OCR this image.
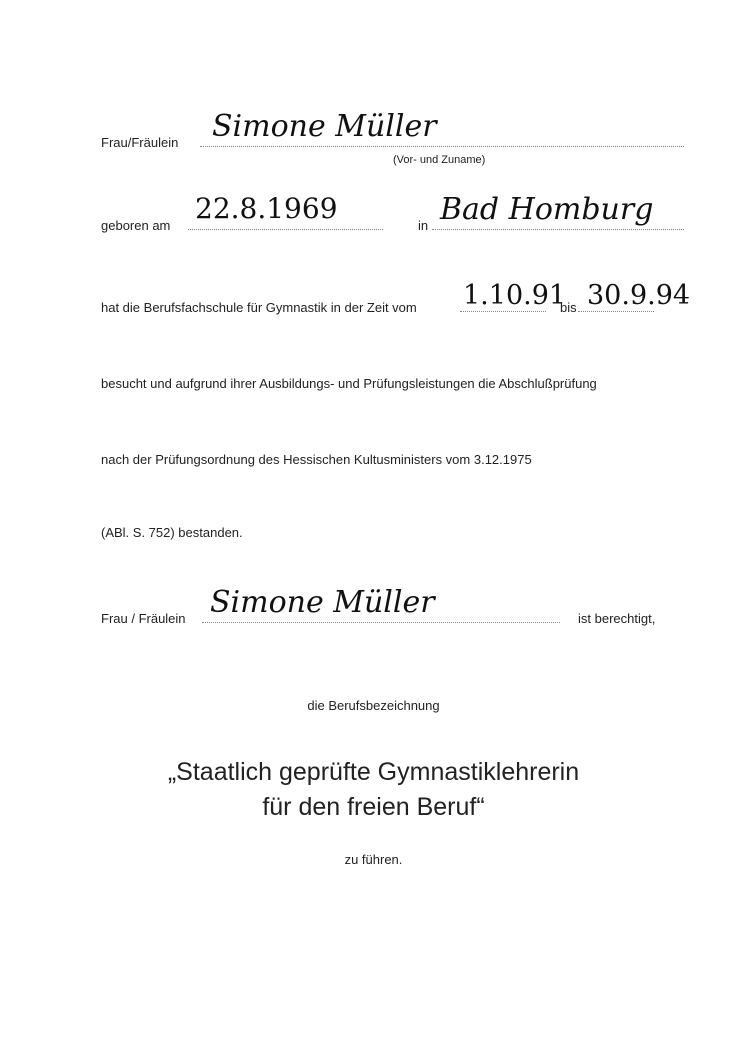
Frau/Fräulein Simone Müller
(Vor- und Zuname)
geboren am
22.8.1969
in Bad Homburg
hat die Berufsfachschule für Gymnastik in der Zeit vom 1.10.91
bis 30.9.94
besucht und aufgrund ihrer Ausbildungs- und Prüfungsleistungen die Abschlußprüfung
nach der Prüfungsordnung des Hessischen Kultusministers vom 3.12.1975
(ABl. S. 752) bestanden.
Frau / Fräulein Simone Müller	ist berechtigt,
die Berufsbezeichnung
„Staatlich geprüfte Gymnastiklehrerin
für den freien Beruf“
zu führen.
